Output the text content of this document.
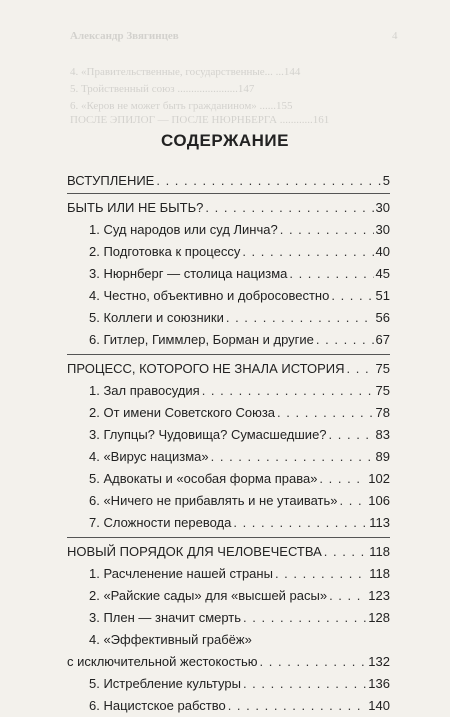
Александр Звягинцев	4
4. «Правительственные, государственные... ...144
5. Тройственный союз ......................147
6. «Керов не может быть гражданином» ......155
ПОСЛЕ ЭПИЛОГ — ПОСЛЕ НЮРНБЕРГА ............161
СОДЕРЖАНИЕ
ВСТУПЛЕНИЕ . . .	5
БЫТЬ ИЛИ НЕ БЫТЬ? . . .	30
1. Суд народов или суд Линча? . . .	30
2. Подготовка к процессу . . .	40
3. Нюрнберг — столица нацизма . . .	45
4. Честно, объективно и добросовестно . . .	51
5. Коллеги и союзники . . .	56
6. Гитлер, Гиммлер, Борман и другие . . .	67
ПРОЦЕСС, КОТОРОГО НЕ ЗНАЛА ИСТОРИЯ . . . 75
1. Зал правосудия . . .	75
2. От имени Советского Союза . . .	78
3. Глупцы? Чудовища? Сумасшедшие? . . .	83
4. «Вирус нацизма» . . .	89
5. Адвокаты и «особая форма права» . . .	102
6. «Ничего не прибавлять и не утаивать» . . . 106
7. Сложности перевода . . .	113
НОВЫЙ ПОРЯДОК ДЛЯ ЧЕЛОВЕЧЕСТВА . . .	118
1. Расчленение нашей страны . . .	118
2. «Райские сады» для «высшей расы» . . .	123
3. Плен — значит смерть . . .	128
4. «Эффективный грабёж»
с исключительной жестокостью . . .	132
5. Истребление культуры . . .	136
6. Нацистское рабство . . .	140
